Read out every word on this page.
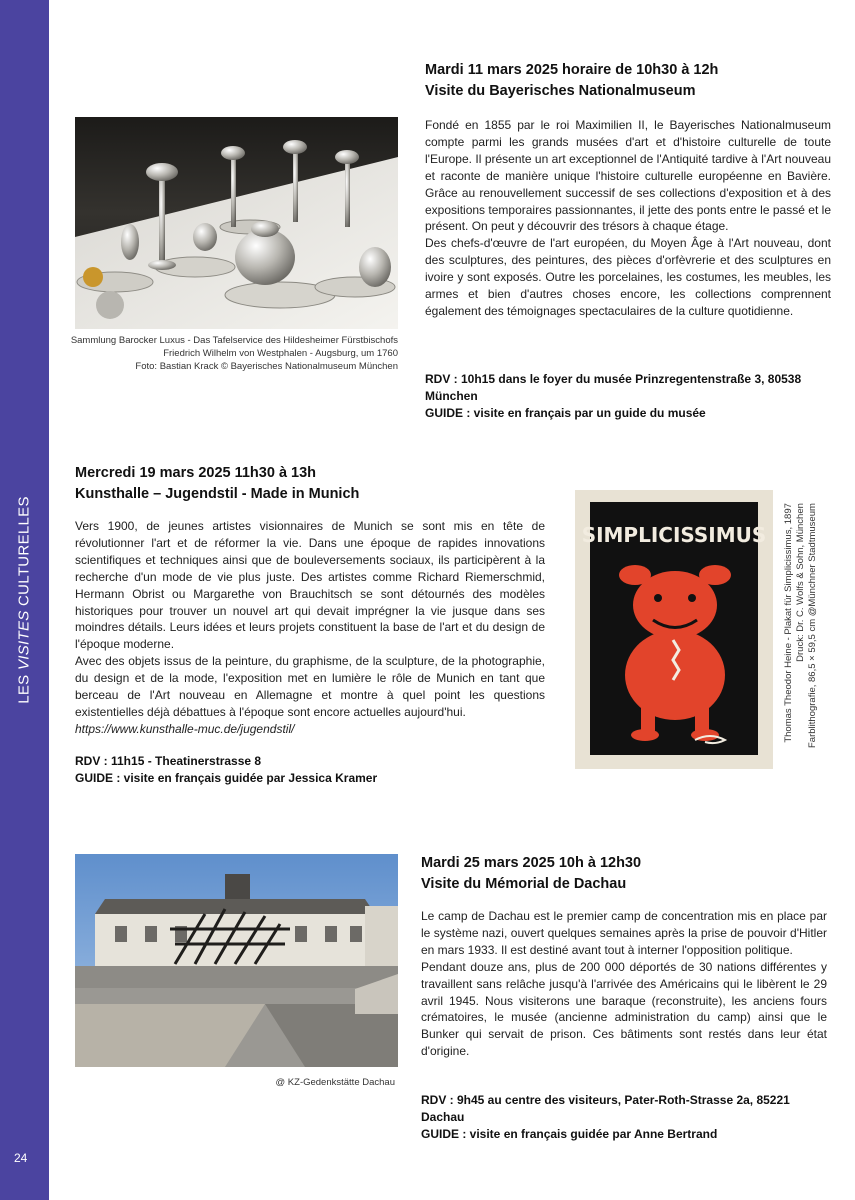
LES VISITES CULTURELLES
24
Sammlung Barocker Luxus - Das Tafelservice des Hildesheimer Fürstbischofs
Friedrich Wilhelm von Westphalen - Augsburg, um 1760
Foto: Bastian Krack © Bayerisches Nationalmuseum München
Mardi 11 mars 2025 horaire de 10h30 à 12h
Visite du Bayerisches Nationalmuseum

Fondé en 1855 par le roi Maximilien II, le Bayerisches Nationalmuseum compte parmi les grands musées d'art et d'histoire culturelle de toute l'Europe. Il présente un art exceptionnel de l'Antiquité tardive à l'Art nouveau et raconte de manière unique l'histoire culturelle européenne en Bavière. Grâce au renouvellement successif de ses collections d'exposition et à des expositions temporaires passionnantes, il jette des ponts entre le passé et le présent. On peut y découvrir des trésors à chaque étage.

Des chefs-d'œuvre de l'art européen, du Moyen Âge à l'Art nouveau, dont des sculptures, des peintures, des pièces d'orfèvrerie et des sculptures en ivoire y sont exposés. Outre les porcelaines, les costumes, les meubles, les armes et bien d'autres choses encore, les collections comprennent également des témoignages spectaculaires de la culture quotidienne.

RDV : 10h15 dans le foyer du musée Prinzregentenstraße 3, 80538 München
GUIDE : visite en français par un guide du musée
Mercredi 19 mars 2025 11h30 à 13h
Kunsthalle – Jugendstil - Made in Munich

Vers 1900, de jeunes artistes visionnaires de Munich se sont mis en tête de révolutionner l'art et de réformer la vie. Dans une époque de rapides innovations scientifiques et techniques ainsi que de bouleversements sociaux, ils participèrent à la recherche d'un mode de vie plus juste. Des artistes comme Richard Riemerschmid, Hermann Obrist ou Margarethe von Brauchitsch se sont détournés des modèles historiques pour trouver un nouvel art qui devait imprégner la vie jusque dans ses moindres détails. Leurs idées et leurs projets constituent la base de l'art et du design de l'époque moderne.

Avec des objets issus de la peinture, du graphisme, de la sculpture, de la photographie, du design et de la mode, l'exposition met en lumière le rôle de Munich en tant que berceau de l'Art nouveau en Allemagne et montre à quel point les questions existentielles déjà débattues à l'époque sont encore actuelles aujourd'hui.

https://www.kunsthalle-muc.de/jugendstil/

RDV : 11h15 - Theatinerstrasse 8
GUIDE : visite en français guidée par Jessica Kramer
SIMPLICISSIMUS Thomas Theodor Heine - Plakat für Simplicissimus, 1897 Druck: Dr. C. Wolfs & Sohn, München Farblithografie, 86,5 × 59,5 cm @Münchner Stadtmuseum
@ KZ-Gedenkstätte Dachau
Mardi 25 mars 2025 10h à 12h30
Visite du Mémorial de Dachau

Le camp de Dachau est le premier camp de concentration mis en place par le système nazi, ouvert quelques semaines après la prise de pouvoir d'Hitler en mars 1933. Il est destiné avant tout à interner l'opposition politique.

Pendant douze ans, plus de 200 000 déportés de 30 nations différentes y travaillent sans relâche jusqu'à l'arrivée des Américains qui le libèrent le 29 avril 1945. Nous visiterons une baraque (reconstruite), les anciens fours crématoires, le musée (ancienne administration du camp) ainsi que le Bunker qui servait de prison. Ces bâtiments sont restés dans leur état d'origine.

RDV : 9h45 au centre des visiteurs, Pater-Roth-Strasse 2a, 85221 Dachau
GUIDE : visite en français guidée par Anne Bertrand
